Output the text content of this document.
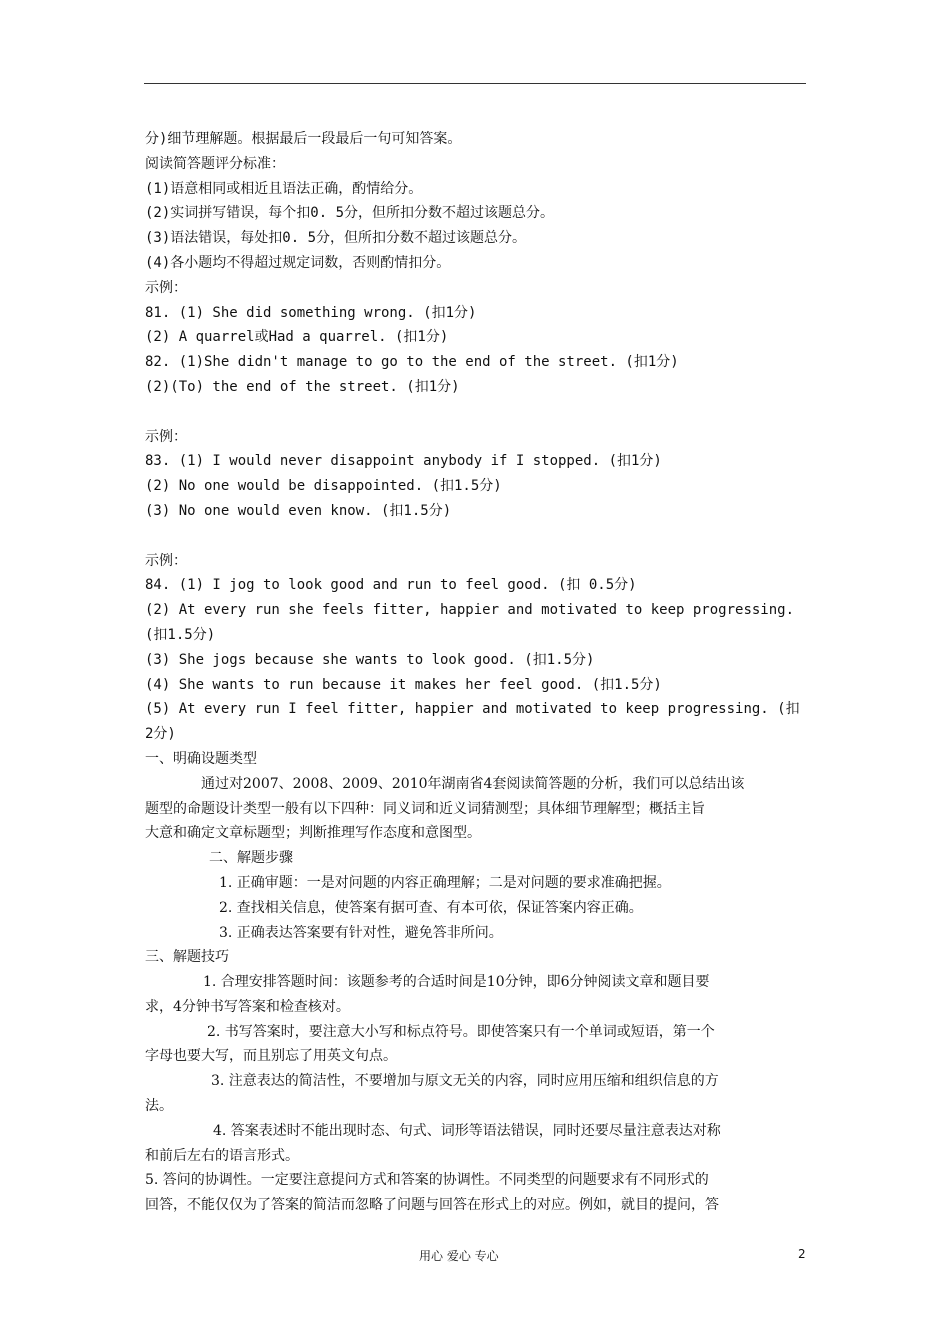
分)细节理解题。根据最后一段最后一句可知答案。
阅读简答题评分标准：
(1)语意相同或相近且语法正确，酌情给分。
(2)实词拼写错误，每个扣0. 5分，但所扣分数不超过该题总分。
(3)语法错误，每处扣0. 5分，但所扣分数不超过该题总分。
(4)各小题均不得超过规定词数，否则酌情扣分。
示例：
81. (1) She did something wrong. (扣1分)
(2) A quarrel或Had a quarrel. (扣1分)
82. (1)She didn't manage to go to the end of the street. (扣1分)
(2)(To) the end of the street. (扣1分)
示例：
83. (1) I would never disappoint anybody if I stopped. (扣1分)
(2) No one would be disappointed. (扣1.5分)
(3) No one would even know. (扣1.5分)
示例：
84. (1) I jog to look good and run to feel good. (扣 0.5分)
(2) At every run she feels fitter, happier and motivated to keep progressing.
(扣1.5分)
(3) She jogs because she wants to look good. (扣1.5分)
(4) She wants to run because it makes her feel good. (扣1.5分)
(5) At every run I feel fitter, happier and motivated to keep progressing. (扣
2分)
一、明确设题类型
通过对2007、2008、2009、2010年湖南省4套阅读简答题的分析，我们可以总结出该
题型的命题设计类型一般有以下四种：同义词和近义词猜测型；具体细节理解型；概括主旨
大意和确定文章标题型；判断推理写作态度和意图型。
二、解题步骤
1. 正确审题：一是对问题的内容正确理解；二是对问题的要求准确把握。
2. 查找相关信息，使答案有据可查、有本可依，保证答案内容正确。
3. 正确表达答案要有针对性，避免答非所问。
三、解题技巧
1. 合理安排答题时间：该题参考的合适时间是10分钟，即6分钟阅读文章和题目要
求，4分钟书写答案和检查核对。
2. 书写答案时，要注意大小写和标点符号。即使答案只有一个单词或短语，第一个
字母也要大写，而且别忘了用英文句点。
3. 注意表达的简洁性，不要增加与原文无关的内容，同时应用压缩和组织信息的方
法。
4. 答案表述时不能出现时态、句式、词形等语法错误，同时还要尽量注意表达对称
和前后左右的语言形式。
5. 答问的协调性。一定要注意提问方式和答案的协调性。不同类型的问题要求有不同形式的
回答，不能仅仅为了答案的简洁而忽略了问题与回答在形式上的对应。例如，就目的提问，答
用心 爱心 专心	2
